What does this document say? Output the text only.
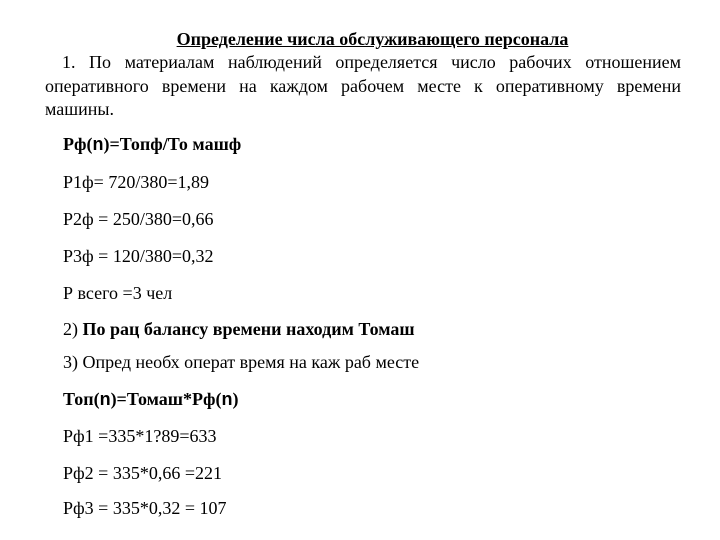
Определение числа обслуживающего персонала
1. По материалам наблюдений определяется число рабочих отношением оперативного времени на каждом рабочем месте к оперативному времени машины.
Рф(n)=Топф/То машф
Р1ф= 720/380=1,89
Р2ф = 250/380=0,66
Р3ф = 120/380=0,32
Р всего =3 чел
2) По рац балансу времени находим Томаш
3) Опред необх операт время на каж раб месте
Топ(n)=Томаш*Рф(n)
Рф1 =335*1?89=633
Рф2 = 335*0,66 =221
Рф3 = 335*0,32 = 107
